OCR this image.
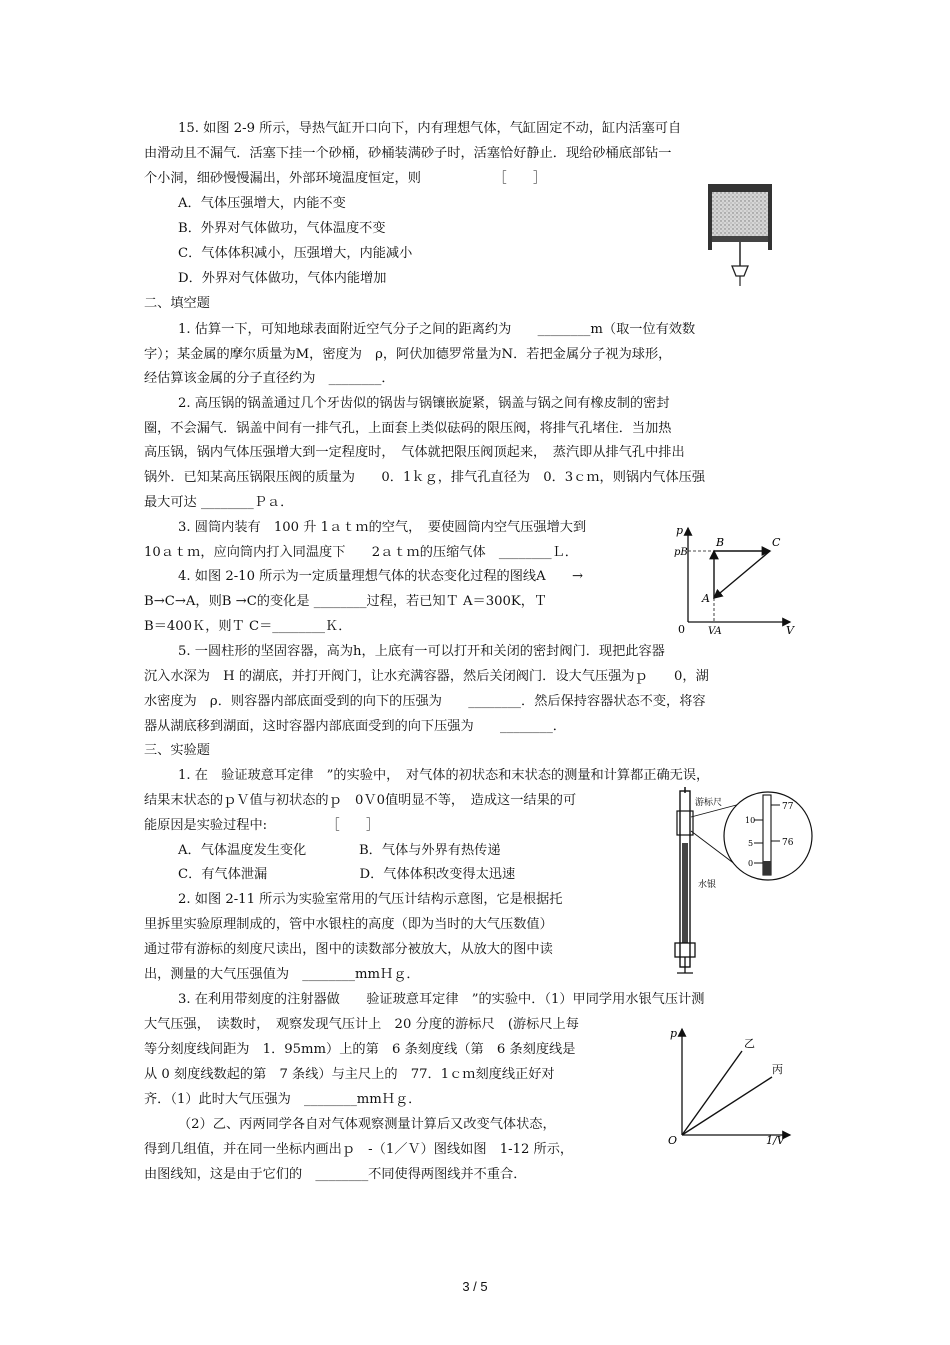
15. 如图 2-9 所示，导热气缸开口向下，内有理想气体，气缸固定不动，缸内活塞可自
由滑动且不漏气．活塞下挂一个砂桶，砂桶装满砂子时，活塞恰好静止．现给砂桶底部钻一
个小洞，细砂慢慢漏出，外部环境温度恒定，则　　　　　　［　　］
A．气体压强增大，内能不变
B．外界对气体做功，气体温度不变
C．气体体积减小，压强增大，内能减小
D．外界对气体做功，气体内能增加
二、填空题
1. 估算一下，可知地球表面附近空气分子之间的距离约为　　________m（取一位有效数
字）；某金属的摩尔质量为M，密度为　ρ，阿伏加德罗常量为N．若把金属分子视为球形，
经估算该金属的分子直径约为　________．
2. 高压锅的锅盖通过几个牙齿似的锅齿与锅镶嵌旋紧，锅盖与锅之间有橡皮制的密封
圈，不会漏气．锅盖中间有一排气孔，上面套上类似砝码的限压阀，将排气孔堵住．当加热
高压锅，锅内气体压强增大到一定程度时，　气体就把限压阀顶起来，　蒸汽即从排气孔中排出
锅外．已知某高压锅限压阀的质量为　　0．1ｋｇ，排气孔直径为　0．3ｃｍ，则锅内气体压强
最大可达 ________Ｐａ．
3. 圆筒内装有　100 升 1ａｔｍ的空气，　要使圆筒内空气压强增大到
10ａｔｍ，应向筒内打入同温度下　　2ａｔｍ的压缩气体　________Ｌ．
4. 如图 2-10 所示为一定质量理想气体的状态变化过程的图线A　　→
B→C→A，则B →C的变化是 ________过程，若已知Ｔ A＝300K，Ｔ
B＝400Ｋ，则Ｔ C＝________Ｋ．
5. 一圆柱形的坚固容器，高为h，上底有一可以打开和关闭的密封阀门．现把此容器
沉入水深为　H 的湖底，并打开阀门，让水充满容器，然后关闭阀门．设大气压强为ｐ　　0，湖
水密度为　ρ．则容器内部底面受到的向下的压强为　　________．然后保持容器状态不变，将容
器从湖底移到湖面，这时容器内部底面受到的向下压强为　　________．
三、实验题
1. 在　验证玻意耳定律　”的实验中，　对气体的初状态和末状态的测量和计算都正确无误，
结果末状态的ｐＶ值与初状态的ｐ　0Ｖ0值明显不等，　造成这一结果的可
能原因是实验过程中:　　　　　［　　］
A．气体温度发生变化　　　　B．气体与外界有热传递
C．有气体泄漏　　　　　　　D．气体体积改变得太迅速
2. 如图 2-11 所示为实验室常用的气压计结构示意图，它是根据托
里拆里实验原理制成的，管中水银柱的高度（即为当时的大气压数值）
通过带有游标的刻度尺读出，图中的读数部分被放大，从放大的图中读
出，测量的大气压强值为　________mmＨｇ．
3. 在利用带刻度的注射器做　　验证玻意耳定律　”的实验中．（1）甲同学用水银气压计测
大气压强，　读数时，　观察发现气压计上　20 分度的游标尺　(游标尺上每
等分刻度线间距为　1．95mm）上的第　6 条刻度线（第　6 条刻度线是
从 0 刻度线数起的第　7 条线）与主尺上的　77．1ｃｍ刻度线正好对
齐．（1）此时大气压强为　________mmＨｇ．
（2）乙、丙两同学各自对气体观察测量计算后又改变气体状态，
得到几组值，并在同一坐标内画出ｐ　-（1／Ｖ）图线如图　1-12 所示，
由图线知，这是由于它们的　________不同使得两图线并不重合．
p
pB
B	C
A
0 VA	V
77
76
10
5
0
游标尺
水银
p
乙
丙
O	1/V
3 / 5
